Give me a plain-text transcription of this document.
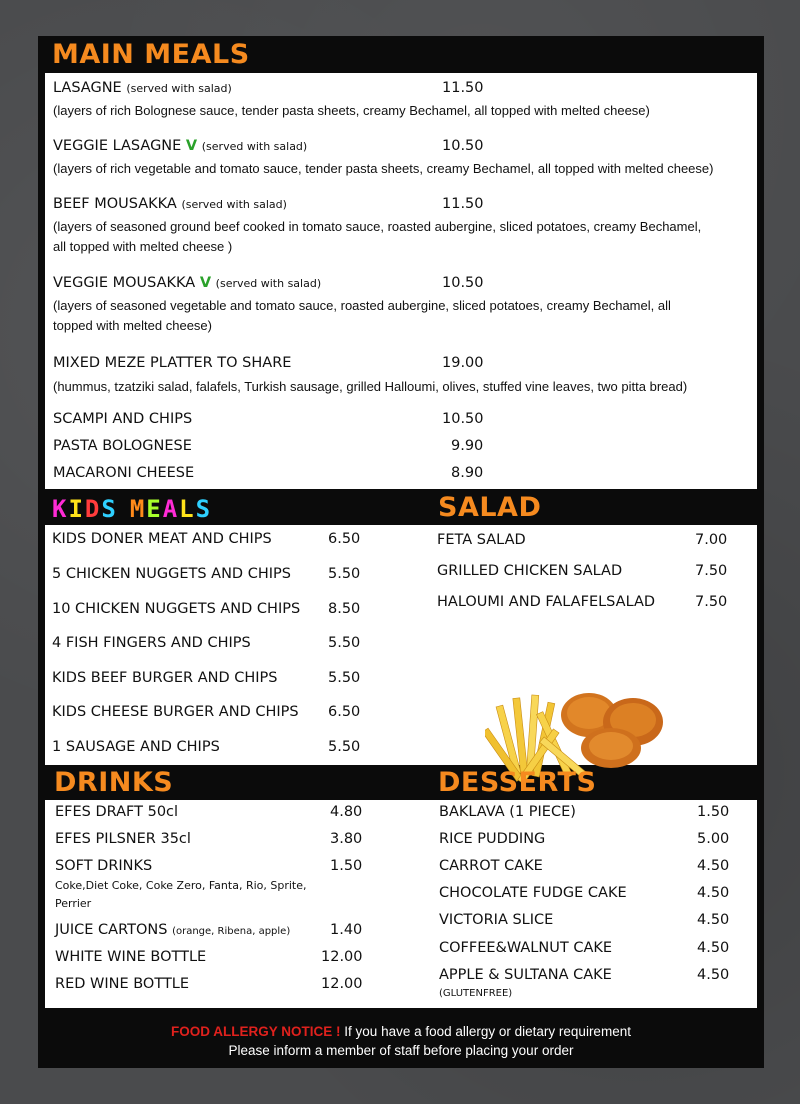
MAIN MEALS
LASAGNE (served with salad)	11.50
(layers of rich Bolognese sauce, tender pasta sheets, creamy Bechamel, all topped with melted cheese)
VEGGIE LASAGNE V (served with salad)	10.50
(layers of rich vegetable and tomato sauce, tender pasta sheets, creamy Bechamel, all topped with melted cheese)
BEEF MOUSAKKA (served with salad)	11.50
(layers of seasoned ground beef cooked in tomato sauce, roasted aubergine, sliced potatoes, creamy Bechamel,
all topped with melted cheese )
VEGGIE MOUSAKKA V (served with salad)	10.50
(layers of seasoned vegetable and tomato sauce, roasted aubergine, sliced potatoes, creamy Bechamel, all
topped with melted cheese)
MIXED MEZE PLATTER TO SHARE	19.00
(hummus, tzatziki salad, falafels, Turkish sausage, grilled Halloumi, olives, stuffed vine leaves, two pitta bread)
SCAMPI AND CHIPS	10.50
PASTA BOLOGNESE	9.90
MACARONI CHEESE	8.90
KIDS MEALS	SALAD
KIDS DONER MEAT AND CHIPS	6.50
5 CHICKEN NUGGETS AND CHIPS	5.50
10 CHICKEN NUGGETS AND CHIPS 8.50
4 FISH FINGERS AND CHIPS	5.50
KIDS BEEF BURGER AND CHIPS	5.50
KIDS CHEESE BURGER AND CHIPS 6.50
1 SAUSAGE AND CHIPS	5.50
FETA SALAD	7.00
GRILLED CHICKEN SALAD	7.50
HALOUMI AND FALAFELSALAD	7.50
DRINKS	DESSERTS
EFES DRAFT 50cl	4.80
EFES PILSNER 35cl	3.80
SOFT DRINKS	1.50
Coke,Diet Coke, Coke Zero, Fanta, Rio, Sprite,
Perrier
JUICE CARTONS (orange, Ribena, apple)	1.40
WHITE WINE BOTTLE	12.00
RED WINE BOTTLE	12.00
BAKLAVA (1 PIECE)	1.50
RICE PUDDING	5.00
CARROT CAKE	4.50
CHOCOLATE FUDGE CAKE	4.50
VICTORIA SLICE	4.50
COFFEE&WALNUT CAKE	4.50
APPLE & SULTANA CAKE	4.50
(GLUTENFREE)
FOOD ALLERGY NOTICE ! If you have a food allergy or dietary requirement
Please inform a member of staff before placing your order
